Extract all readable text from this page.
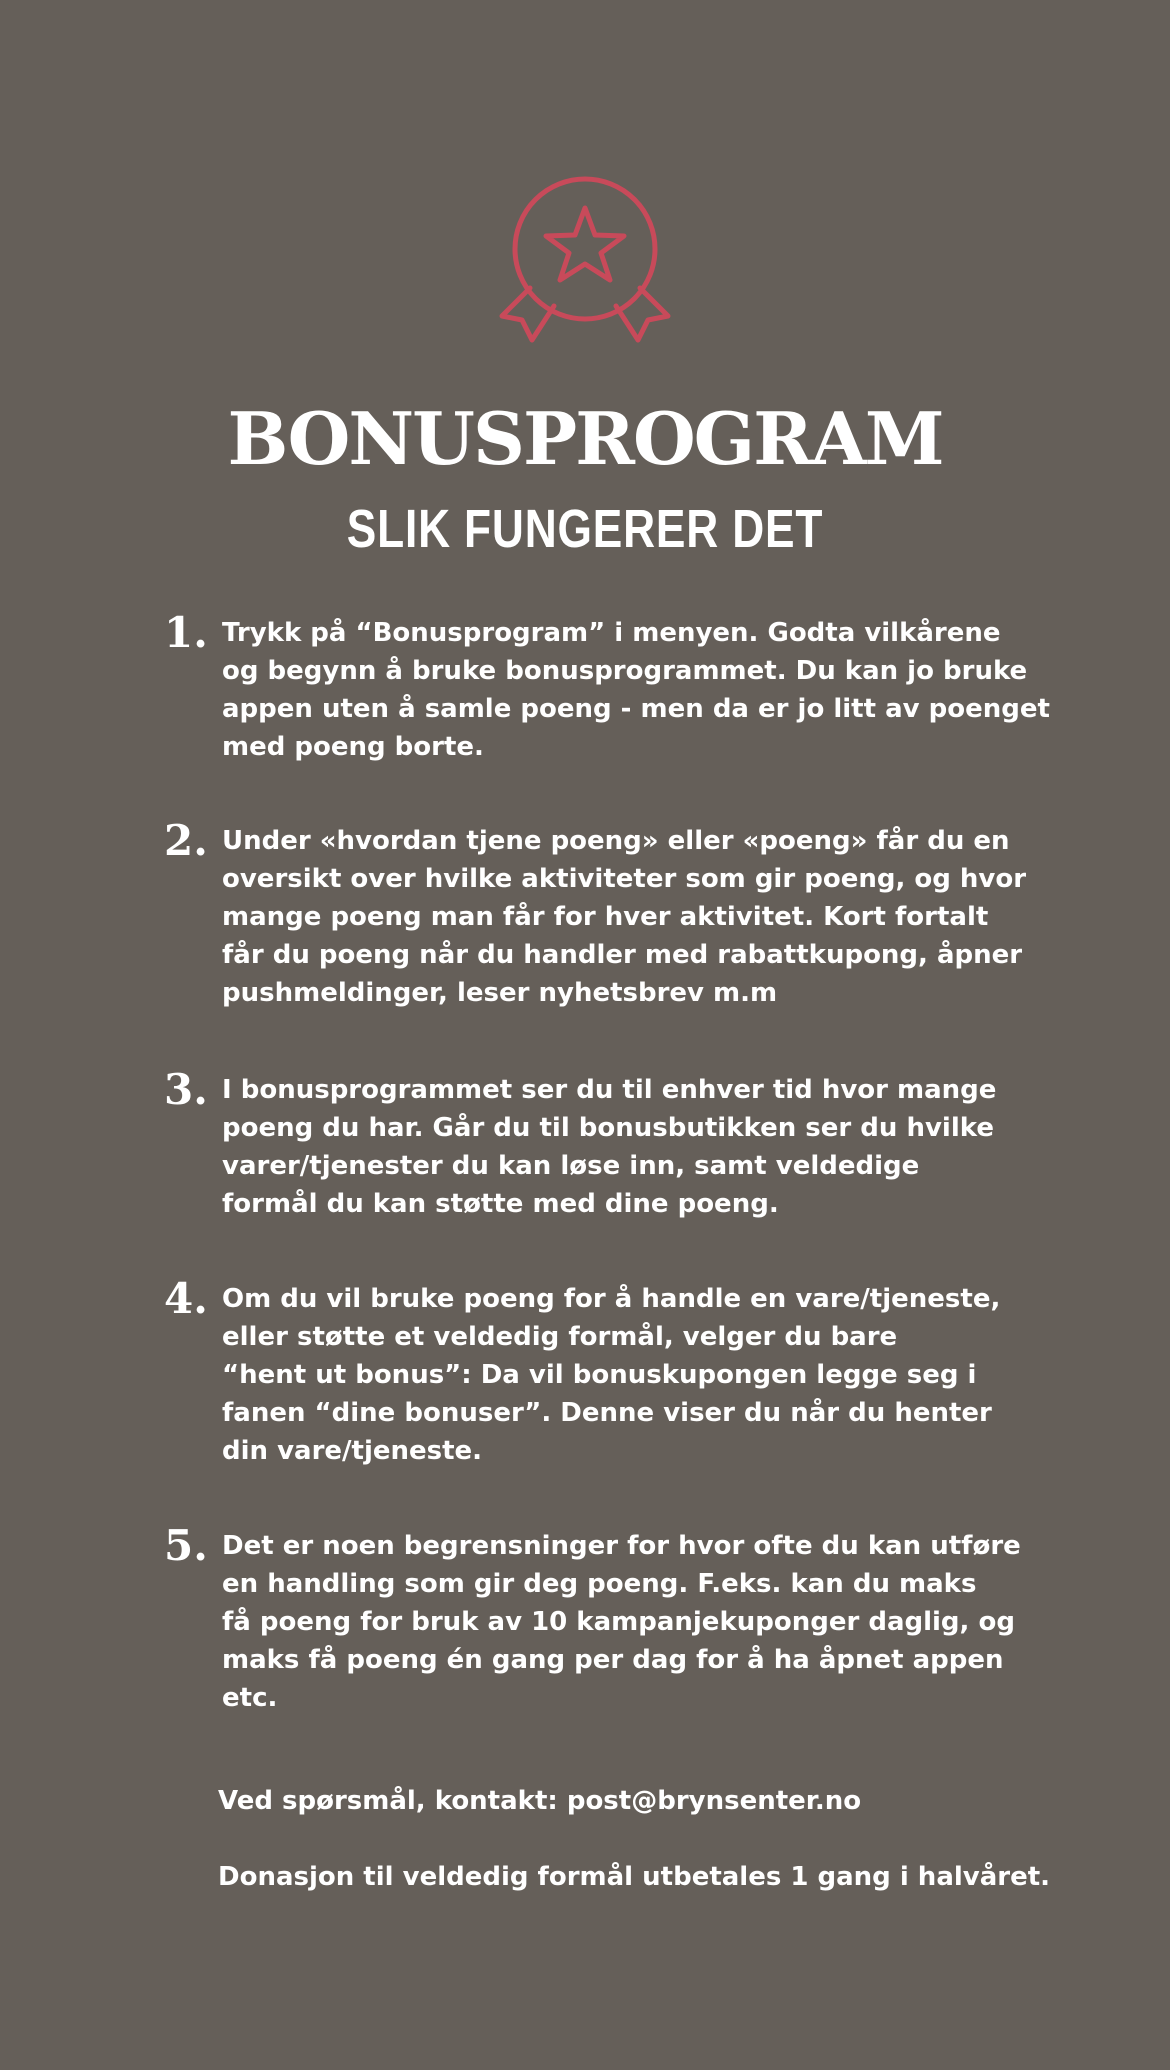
BONUSPROGRAM
SLIK FUNGERER DET
1. Trykk på “Bonusprogram” i menyen. Godta vilkårene
og begynn å bruke bonusprogrammet. Du kan jo bruke
appen uten å samle poeng - men da er jo litt av poenget
med poeng borte.

2. Under «hvordan tjene poeng» eller «poeng» får du en
oversikt over hvilke aktiviteter som gir poeng, og hvor
mange poeng man får for hver aktivitet. Kort fortalt
får du poeng når du handler med rabattkupong, åpner
pushmeldinger, leser nyhetsbrev m.m

3. I bonusprogrammet ser du til enhver tid hvor mange
poeng du har. Går du til bonusbutikken ser du hvilke
varer/tjenester du kan løse inn, samt veldedige
formål du kan støtte med dine poeng.

4. Om du vil bruke poeng for å handle en vare/tjeneste,
eller støtte et veldedig formål, velger du bare
“hent ut bonus”: Da vil bonuskupongen legge seg i
fanen “dine bonuser”. Denne viser du når du henter
din vare/tjeneste.

5. Det er noen begrensninger for hvor ofte du kan utføre
en handling som gir deg poeng. F.eks. kan du maks
få poeng for bruk av 10 kampanjekuponger daglig, og
maks få poeng én gang per dag for å ha åpnet appen etc.

Ved spørsmål, kontakt: post@brynsenter.no

Donasjon til veldedig formål utbetales 1 gang i halvåret.
